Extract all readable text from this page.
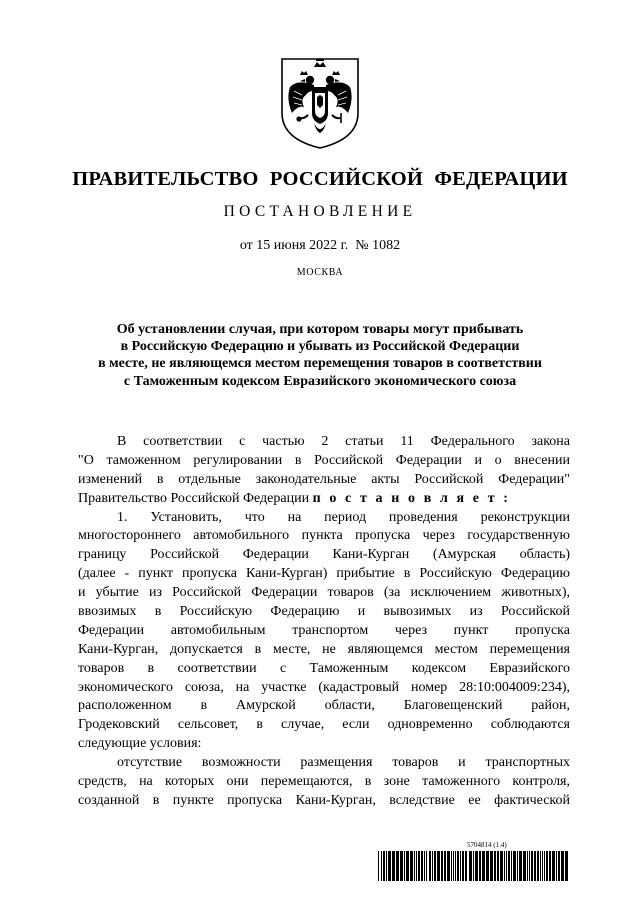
ПРАВИТЕЛЬСТВО РОССИЙСКОЙ ФЕДЕРАЦИИ
ПОСТАНОВЛЕНИЕ
от 15 июня 2022 г.  № 1082
МОСКВА
Об установлении случая, при котором товары могут прибывать
в Российскую Федерацию и убывать из Российской Федерации
в месте, не являющемся местом перемещения товаров в соответствии
с Таможенным кодексом Евразийского экономического союза
В соответствии с частью 2 статьи 11 Федерального закона
"О таможенном регулировании в Российской Федерации и о внесении
изменений в отдельные законодательные акты Российской Федерации"
Правительство Российской Федерации п о с т а н о в л я е т :
1. Установить, что на период проведения реконструкции
многостороннего автомобильного пункта пропуска через государственную
границу Российской Федерации Кани-Курган (Амурская область)
(далее - пункт пропуска Кани-Курган) прибытие в Российскую Федерацию
и убытие из Российской Федерации товаров (за исключением животных),
ввозимых в Российскую Федерацию и вывозимых из Российской
Федерации автомобильным транспортом через пункт пропуска
Кани-Курган, допускается в месте, не являющемся местом перемещения
товаров в соответствии с Таможенным кодексом Евразийского
экономического союза, на участке (кадастровый номер 28:10:004009:234),
расположенном в Амурской области, Благовещенский район,
Гродековский сельсовет, в случае, если одновременно соблюдаются
следующие условия:
отсутствие возможности размещения товаров и транспортных
средств, на которых они перемещаются, в зоне таможенного контроля,
созданной в пункте пропуска Кани-Курган, вследствие ее фактической
5704814 (1.4)
